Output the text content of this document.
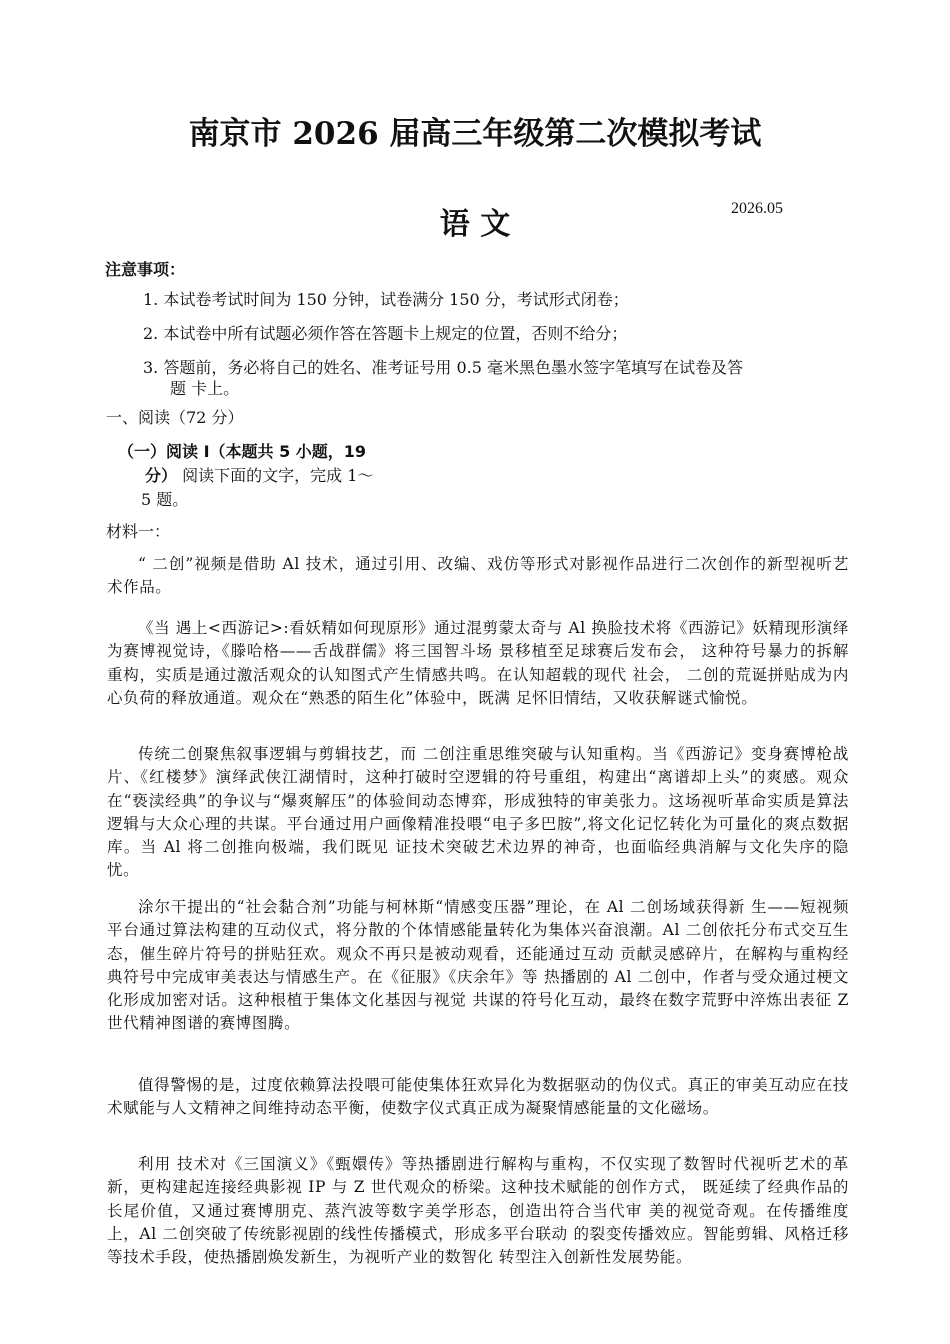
南京市 2026 届高三年级第二次模拟考试
语 文	2026.05
注意事项：
1. 本试卷考试时间为 150 分钟，试卷满分 150 分，考试形式闭卷；
2. 本试卷中所有试题必须作答在答题卡上规定的位置，否则不给分；
3. 答题前，务必将自己的姓名、准考证号用 0.5 毫米黑色墨水签字笔填写在试卷及答
题 卡上。
一、阅读（72 分）
（一）阅读 Ⅰ（本题共 5 小题，19
分） 阅读下面的文字，完成 1～
5 题。
材料一：

“ 二创”视频是借助 Al 技术，通过引用、改编、戏仿等形式对影视作品进行二次创作的新型视听艺术作品。

《当 遇上<西游记>:看妖精如何现原形》通过混剪蒙太奇与 Al 换脸技术将《西游记》妖精现形演绎为赛博视觉诗，《滕哈格——舌战群儒》将三国智斗场 景移植至足球赛后发布会， 这种符号暴力的拆解重构，实质是通过激活观众的认知图式产生情感共鸣。在认知超载的现代 社会， 二创的荒诞拼贴成为内心负荷的释放通道。观众在“熟悉的陌生化”体验中，既满 足怀旧情结，又收获解谜式愉悦。

传统二创聚焦叙事逻辑与剪辑技艺，而 二创注重思维突破与认知重构。当《西游记》变身赛博枪战片、《红楼梦》演绎武侠江湖情时，这种打破时空逻辑的符号重组，构建出“离谱却上头”的爽感。观众在“亵渎经典”的争议与“爆爽解压”的体验间动态博弈，形成独特的审美张力。这场视听革命实质是算法逻辑与大众心理的共谋。平台通过用户画像精准投喂“电子多巴胺”,将文化记忆转化为可量化的爽点数据库。当 Al 将二创推向极端，我们既见 证技术突破艺术边界的神奇，也面临经典消解与文化失序的隐忧。

涂尔干提出的“社会黏合剂”功能与柯林斯“情感变压器”理论，在 Al 二创场域获得新 生——短视频平台通过算法构建的互动仪式，将分散的个体情感能量转化为集体兴奋浪潮。Al 二创依托分布式交互生态，催生碎片符号的拼贴狂欢。观众不再只是被动观看，还能通过互动 贡献灵感碎片，在解构与重构经典符号中完成审美表达与情感生产。在《征服》《庆余年》等 热播剧的 Al 二创中，作者与受众通过梗文化形成加密对话。这种根植于集体文化基因与视觉 共谋的符号化互动，最终在数字荒野中淬炼出表征 Z 世代精神图谱的赛博图腾。

值得警惕的是，过度依赖算法投喂可能使集体狂欢异化为数据驱动的伪仪式。真正的审美互动应在技术赋能与人文精神之间维持动态平衡，使数字仪式真正成为凝聚情感能量的文化磁场。

利用 技术对《三国演义》《甄嬛传》等热播剧进行解构与重构，不仅实现了数智时代视听艺术的革新，更构建起连接经典影视 IP 与 Z 世代观众的桥梁。这种技术赋能的创作方式， 既延续了经典作品的长尾价值，又通过赛博朋克、蒸汽波等数字美学形态，创造出符合当代审 美的视觉奇观。在传播维度上，Al 二创突破了传统影视剧的线性传播模式，形成多平台联动 的裂变传播效应。智能剪辑、风格迁移等技术手段，使热播剧焕发新生，为视听产业的数智化 转型注入创新性发展势能。
